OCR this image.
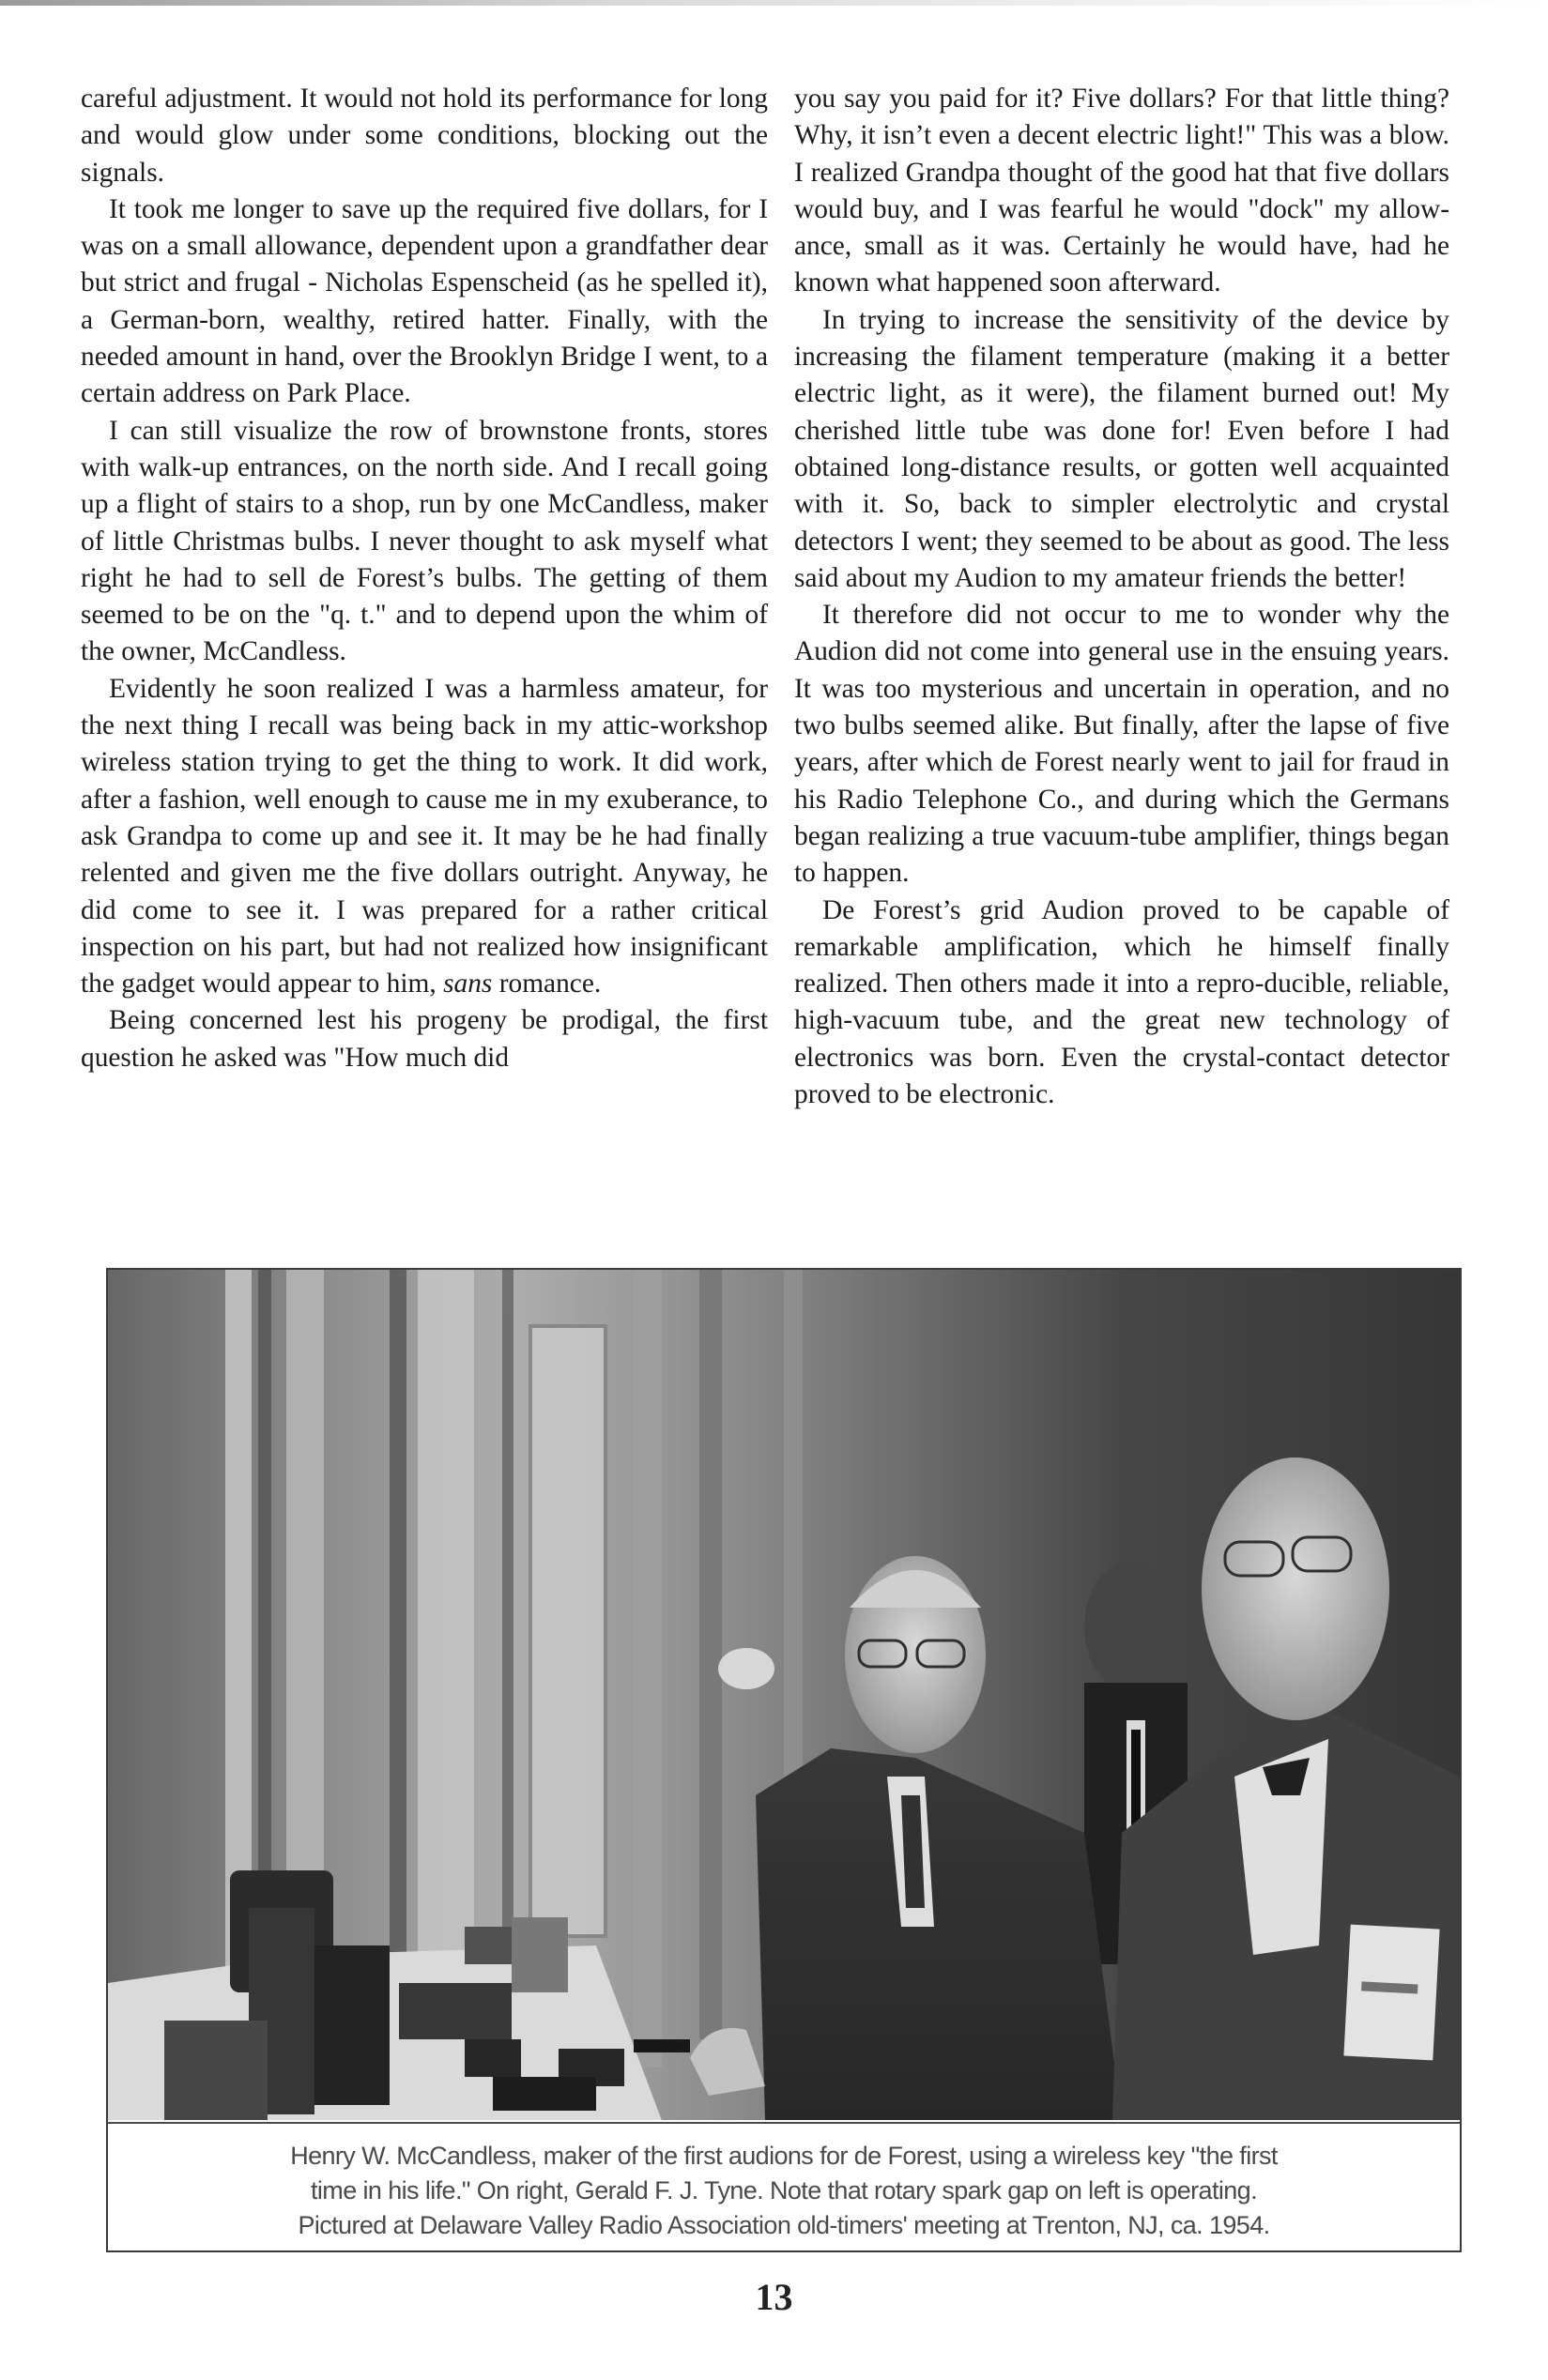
careful adjustment. It would not hold its performance for long and would glow under some conditions, blocking out the signals.

It took me longer to save up the required five dollars, for I was on a small allowance, dependent upon a grandfather dear but strict and frugal - Nicholas Espenscheid (as he spelled it), a German-born, wealthy, retired hatter. Finally, with the needed amount in hand, over the Brooklyn Bridge I went, to a certain address on Park Place.

I can still visualize the row of brownstone fronts, stores with walk-up entrances, on the north side. And I recall going up a flight of stairs to a shop, run by one McCandless, maker of little Christmas bulbs. I never thought to ask myself what right he had to sell de Forest’s bulbs. The getting of them seemed to be on the "q. t." and to depend upon the whim of the owner, McCandless.

Evidently he soon realized I was a harmless amateur, for the next thing I recall was being back in my attic-workshop wireless station trying to get the thing to work. It did work, after a fashion, well enough to cause me in my exuberance, to ask Grandpa to come up and see it. It may be he had finally relented and given me the five dollars outright. Anyway, he did come to see it. I was prepared for a rather critical inspection on his part, but had not realized how insignificant the gadget would appear to him, sans romance.

Being concerned lest his progeny be prodigal, the first question he asked was "How much did

you say you paid for it? Five dollars? For that little thing? Why, it isn’t even a decent electric light!" This was a blow. I realized Grandpa thought of the good hat that five dollars would buy, and I was fearful he would "dock" my allow-ance, small as it was. Certainly he would have, had he known what happened soon afterward.

In trying to increase the sensitivity of the device by increasing the filament temperature (making it a better electric light, as it were), the filament burned out! My cherished little tube was done for! Even before I had obtained long-distance results, or gotten well acquainted with it. So, back to simpler electrolytic and crystal detectors I went; they seemed to be about as good. The less said about my Audion to my amateur friends the better!

It therefore did not occur to me to wonder why the Audion did not come into general use in the ensuing years. It was too mysterious and uncertain in operation, and no two bulbs seemed alike. But finally, after the lapse of five years, after which de Forest nearly went to jail for fraud in his Radio Telephone Co., and during which the Germans began realizing a true vacuum-tube amplifier, things began to happen.

De Forest’s grid Audion proved to be capable of remarkable amplification, which he himself finally realized. Then others made it into a repro-ducible, reliable, high-vacuum tube, and the great new technology of electronics was born. Even the crystal-contact detector proved to be electronic.

Henry W. McCandless, maker of the first audions for de Forest, using a wireless key "the first
time in his life." On right, Gerald F. J. Tyne. Note that rotary spark gap on left is operating.
Pictured at Delaware Valley Radio Association old-timers' meeting at Trenton, NJ, ca. 1954.
13
